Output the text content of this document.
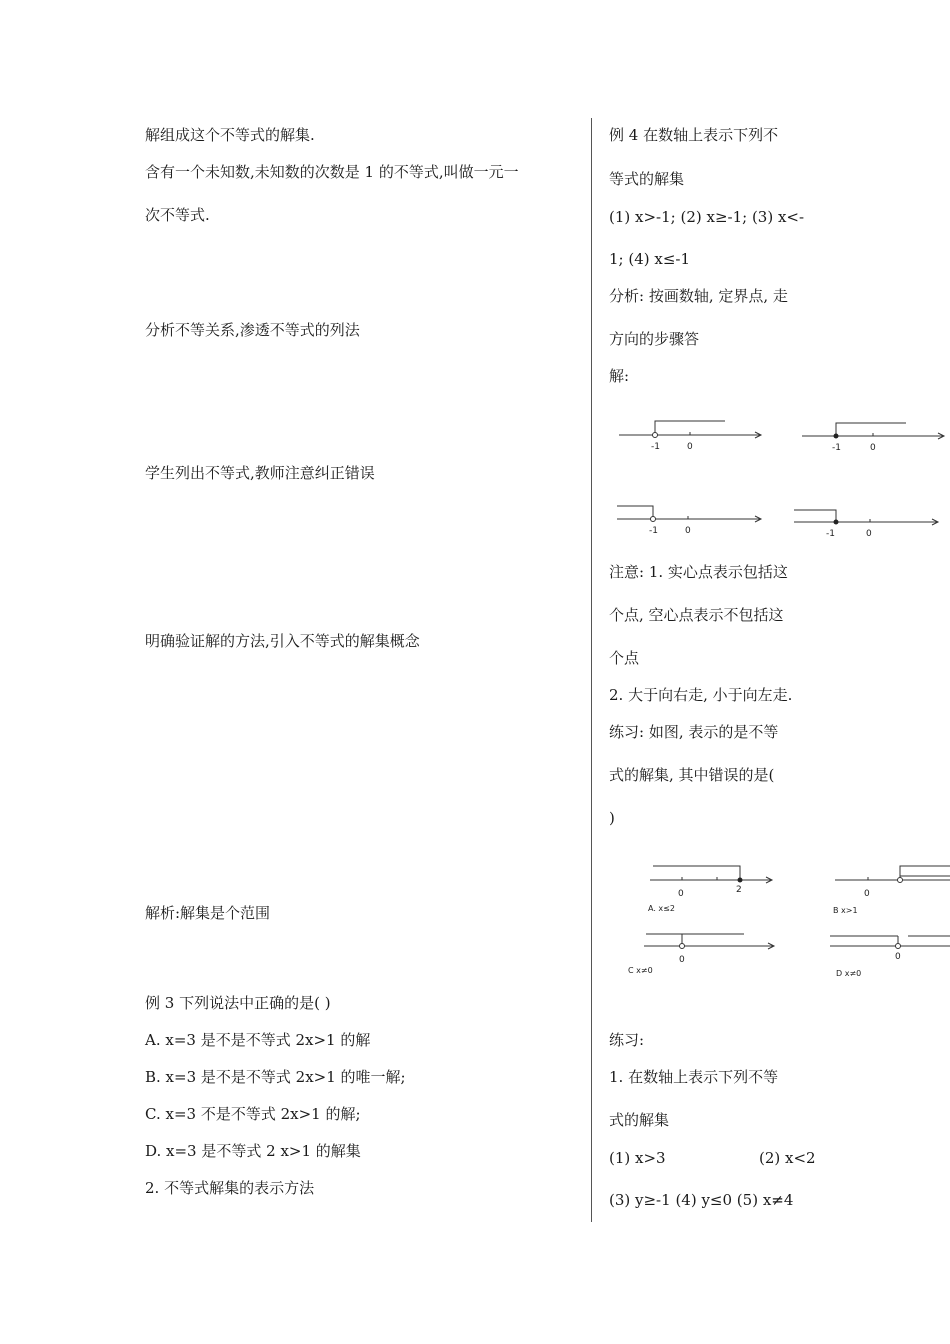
解组成这个不等式的解集.
含有一个未知数,未知数的次数是 1 的不等式,叫做一元一
次不等式.
分析不等关系,渗透不等式的列法
学生列出不等式,教师注意纠正错误
明确验证解的方法,引入不等式的解集概念
解析:解集是个范围
例 3 下列说法中正确的是( )
A. x=3 是不是不等式 2x>1 的解
B. x=3 是不是不等式 2x>1 的唯一解;
C. x=3 不是不等式 2x>1 的解;
D. x=3 是不等式 2 x>1 的解集
2. 不等式解集的表示方法
例 4 在数轴上表示下列不
等式的解集
(1) x>-1; (2) x≥-1; (3) x<-
1; (4) x≤-1
分析: 按画数轴, 定界点, 走
方向的步骤答
解:
-1	0	-1	0
-1	0	-1	0
注意: 1. 实心点表示包括这
个点, 空心点表示不包括这
个点
2. 大于向右走, 小于向左走.
练习: 如图, 表示的是不等
式的解集, 其中错误的是(
)
0	2
A. x≤2
0
B x>1
0
C x≠0
0
D x≠0
练习:
1. 在数轴上表示下列不等
式的解集
(1) x>3	(2) x<2
(3) y≥-1 (4) y≤0 (5) x≠4
